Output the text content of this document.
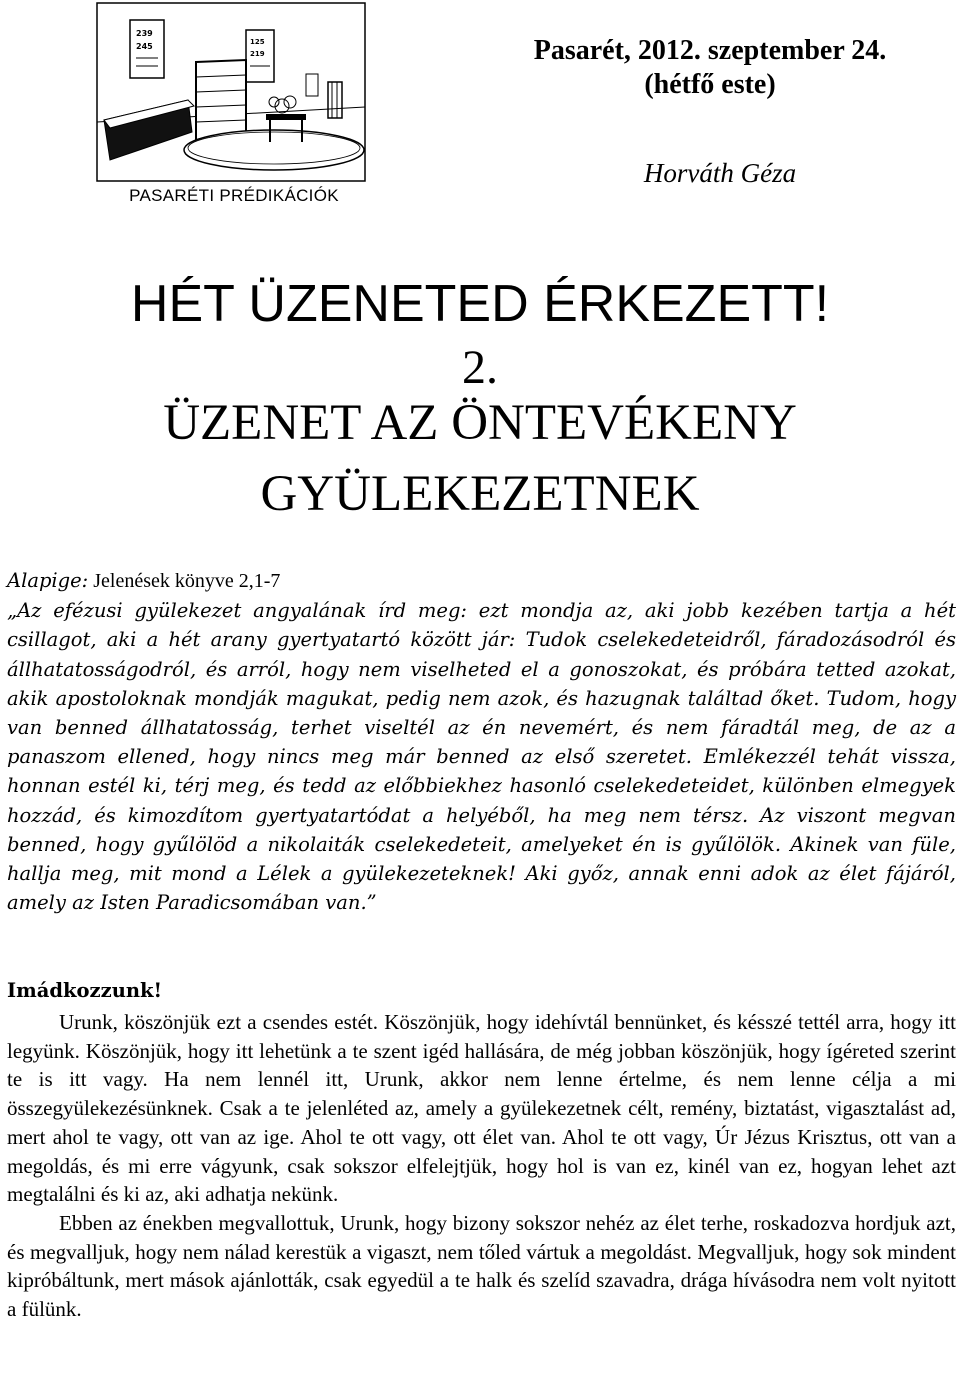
239
245	125
219
PASARÉTI PRÉDIKÁCIÓK
Pasarét, 2012. szeptember 24.
(hétfő este)
Horváth Géza
HÉT ÜZENETED ÉRKEZETT!
2.
ÜZENET AZ ÖNTEVÉKENY
GYÜLEKEZETNEK

Alapige: Jelenések könyve 2,1-7

„Az efézusi gyülekezet angyalának írd meg: ezt mondja az, aki jobb kezében tartja a hét csillagot, aki a hét arany gyertyatartó között jár: Tudok cselekedeteidről, fáradozásodról és állhatatosságodról, és arról, hogy nem viselheted el a gonoszokat, és próbára tetted azokat, akik apostoloknak mondják magukat, pedig nem azok, és hazugnak találtad őket. Tudom, hogy van benned állhatatosság, terhet viseltél az én nevemért, és nem fáradtál meg, de az a panaszom ellened, hogy nincs meg már benned az első szeretet. Emlékezzél tehát vissza, honnan estél ki, térj meg, és tedd az előbbiekhez hasonló cselekedeteidet, különben elmegyek hozzád, és kimozdítom gyertyatartódat a helyéből, ha meg nem térsz. Az viszont megvan benned, hogy gyűlölöd a nikolaiták cselekedeteit, amelyeket én is gyűlölök. Akinek van füle, hallja meg, mit mond a Lélek a gyülekezeteknek! Aki győz, annak enni adok az élet fájáról, amely az Isten Paradicsomában van.”

Imádkozzunk!

Urunk, köszönjük ezt a csendes estét. Köszönjük, hogy idehívtál bennünket, és késszé tettél arra, hogy itt legyünk. Köszönjük, hogy itt lehetünk a te szent igéd hallására, de még jobban köszönjük, hogy ígéreted szerint te is itt vagy. Ha nem lennél itt, Urunk, akkor nem lenne értelme, és nem lenne célja a mi összegyülekezésünknek. Csak a te jelenléted az, amely a gyülekezetnek célt, remény, biztatást, vigasztalást ad, mert ahol te vagy, ott van az ige. Ahol te ott vagy, ott élet van. Ahol te ott vagy, Úr Jézus Krisztus, ott van a megoldás, és mi erre vágyunk, csak sokszor elfelejtjük, hogy hol is van ez, kinél van ez, hogyan lehet azt megtalálni és ki az, aki adhatja nekünk.

Ebben az énekben megvallottuk, Urunk, hogy bizony sokszor nehéz az élet terhe, roskadozva hordjuk azt, és megvalljuk, hogy nem nálad kerestük a vigaszt, nem tőled vártuk a megoldást. Megvalljuk, hogy sok mindent kipróbáltunk, mert mások ajánlották, csak egyedül a te halk és szelíd szavadra, drága hívásodra nem volt nyitott a fülünk.
